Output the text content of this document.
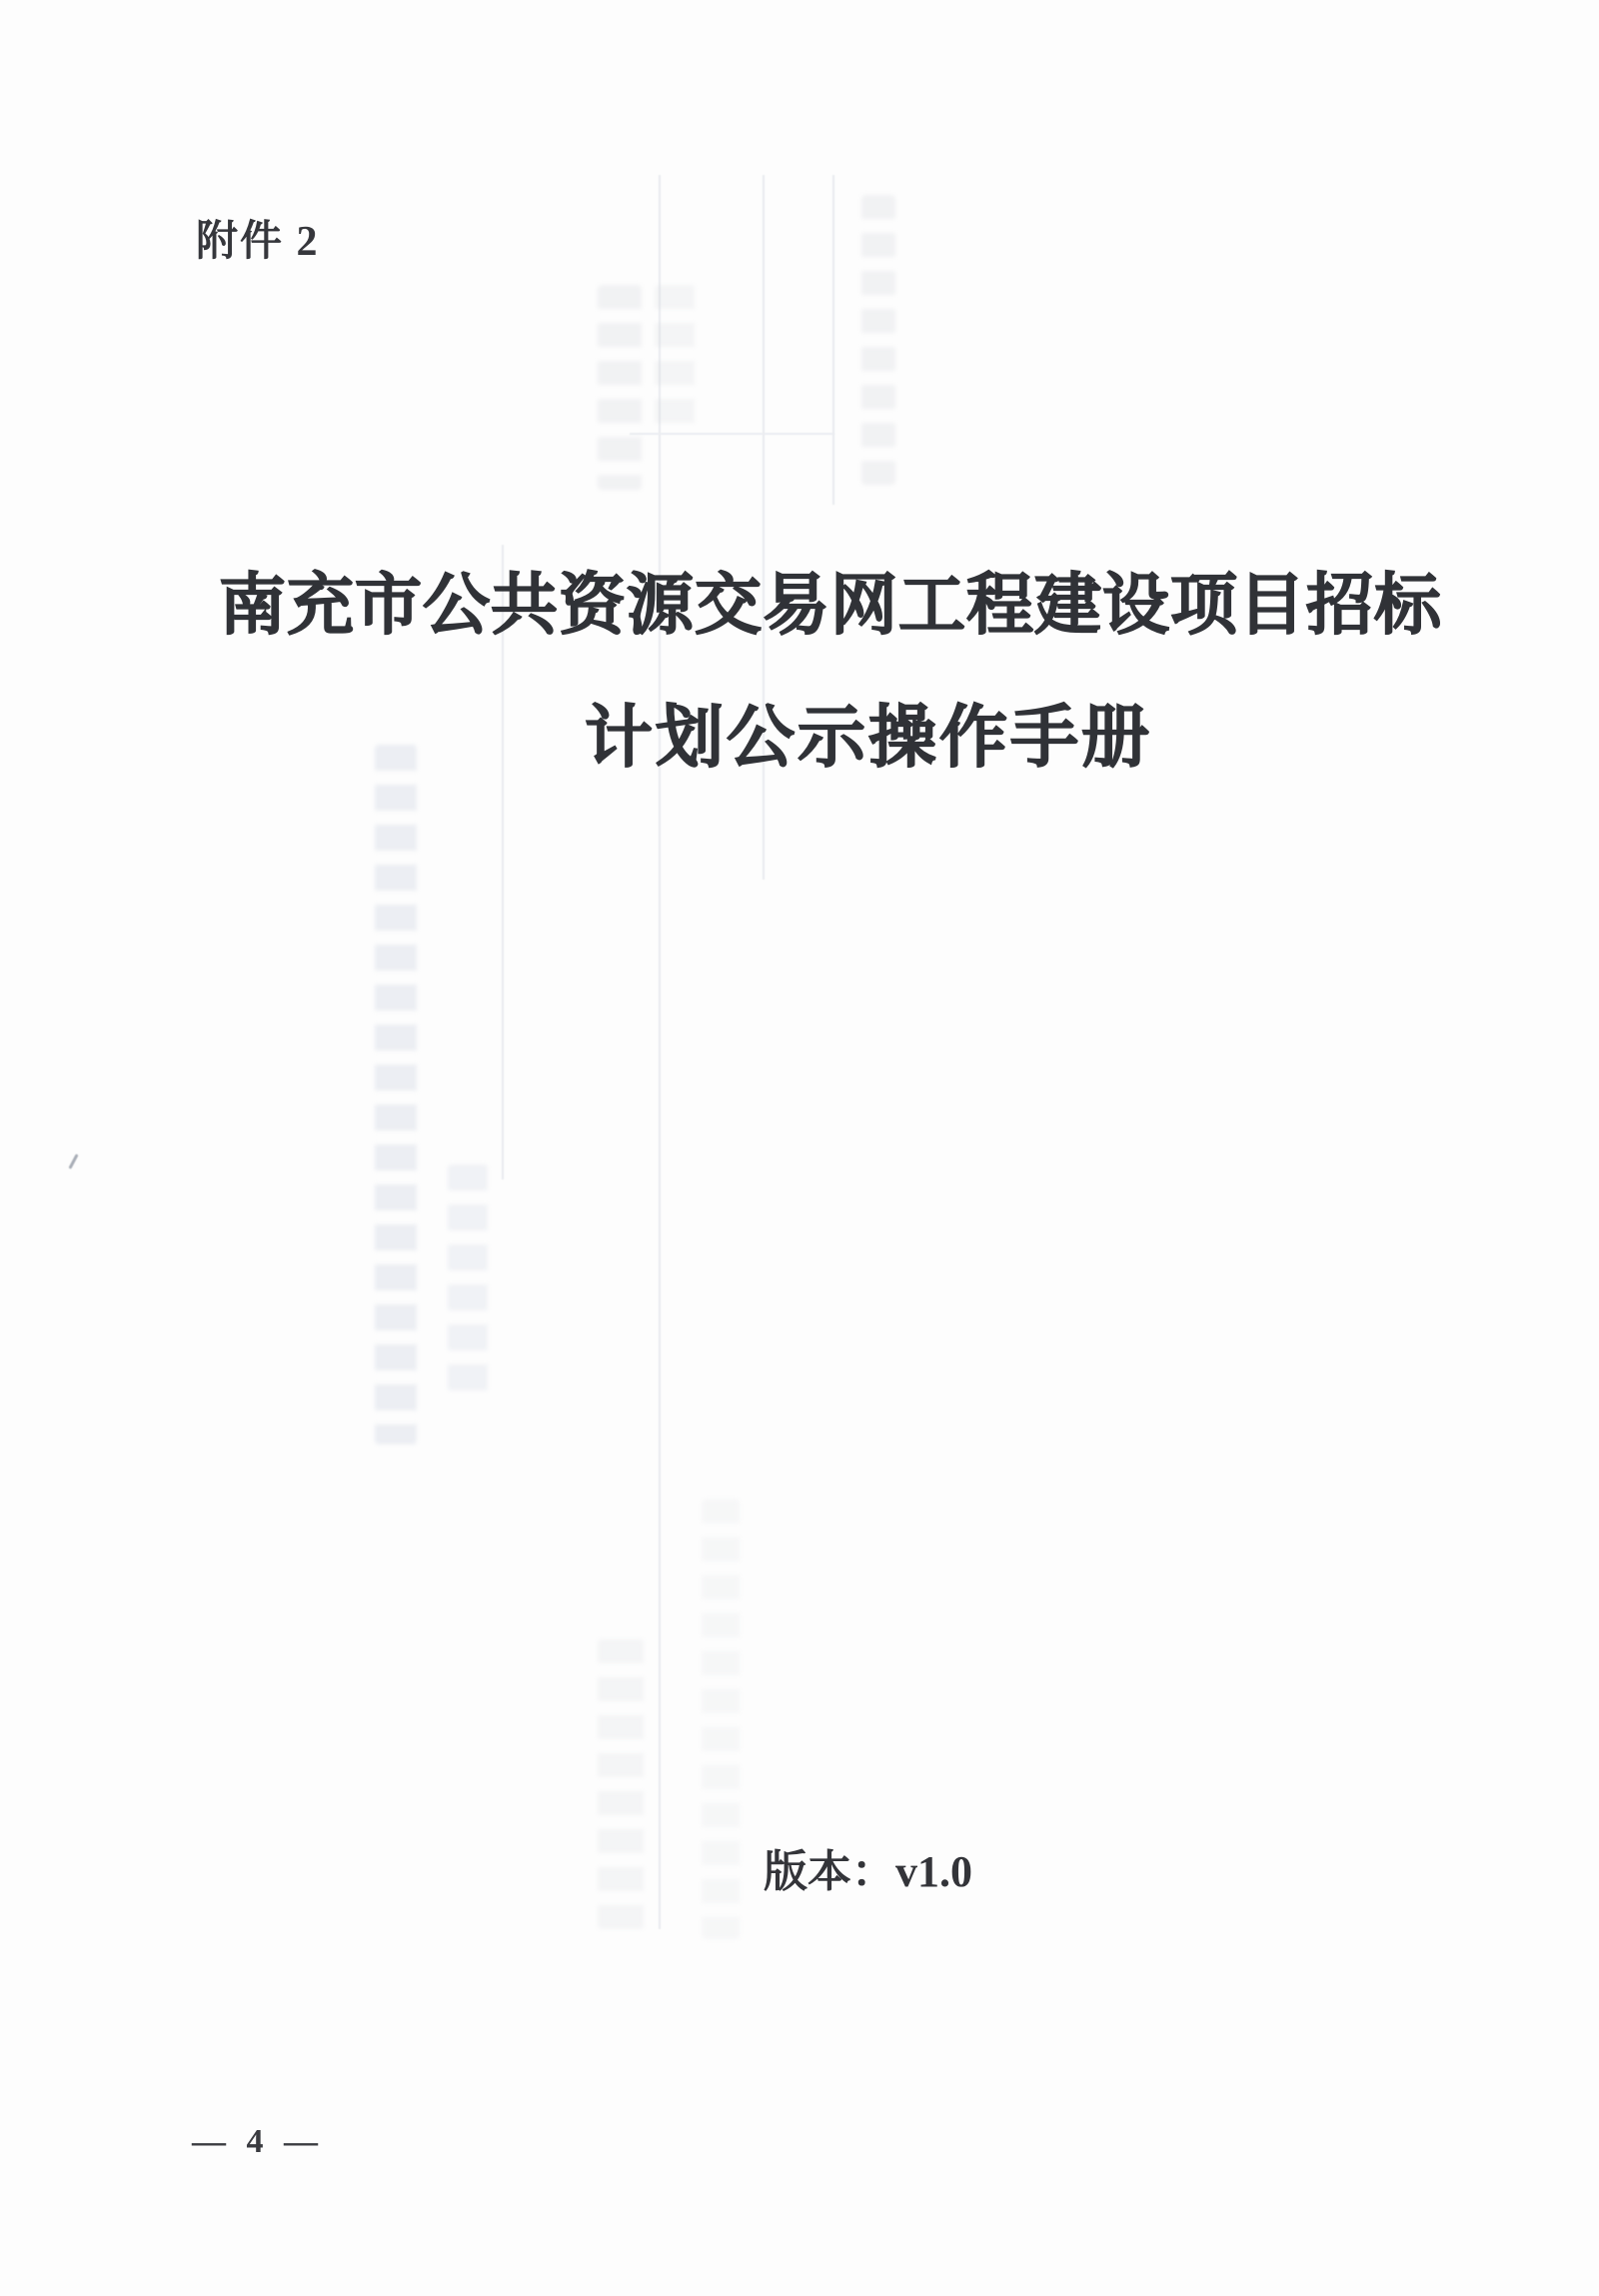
附件 2
南充市公共资源交易网工程建设项目招标
计划公示操作手册
版本：v1.0
— 4 —
